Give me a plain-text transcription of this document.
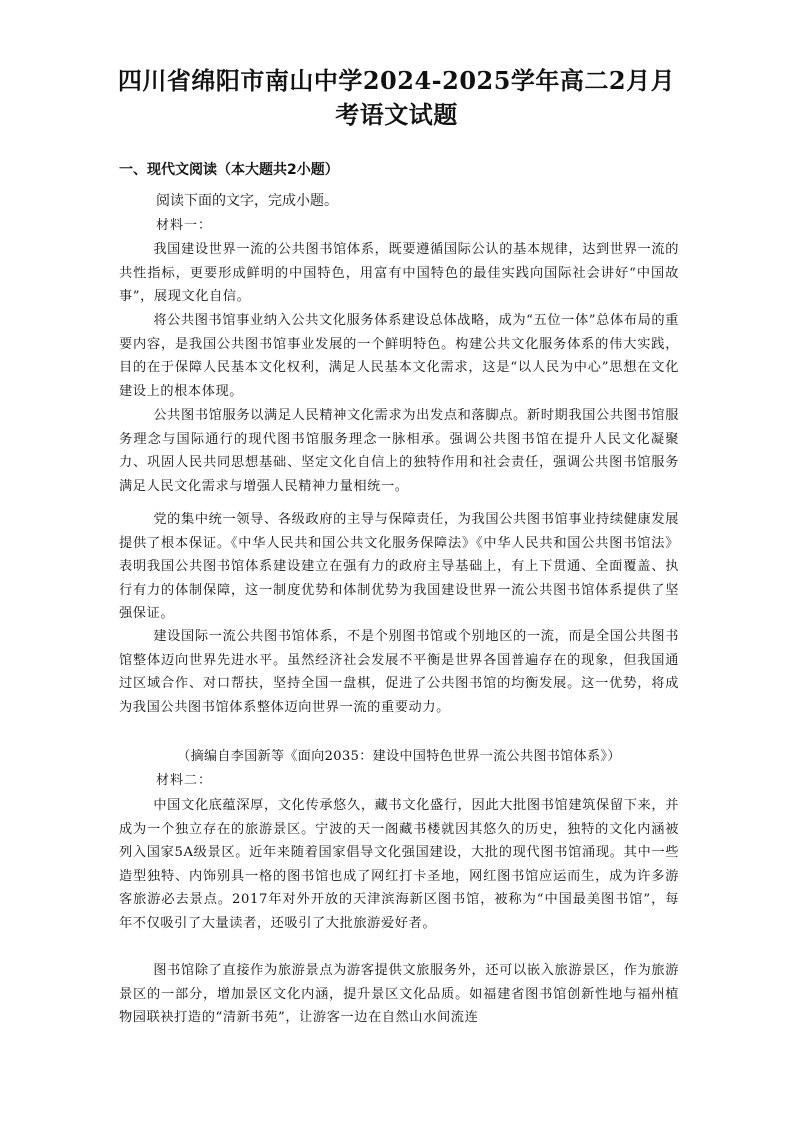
四川省绵阳市南山中学2024-2025学年高二2月月考语文试题
一、现代文阅读（本大题共2小题）
阅读下面的文字，完成小题。
材料一：
我国建设世界一流的公共图书馆体系，既要遵循国际公认的基本规律，达到世界一流的共性指标，更要形成鲜明的中国特色，用富有中国特色的最佳实践向国际社会讲好“中国故事”，展现文化自信。
将公共图书馆事业纳入公共文化服务体系建设总体战略，成为“五位一体”总体布局的重要内容，是我国公共图书馆事业发展的一个鲜明特色。构建公共文化服务体系的伟大实践，目的在于保障人民基本文化权利，满足人民基本文化需求，这是“以人民为中心”思想在文化建设上的根本体现。
公共图书馆服务以满足人民精神文化需求为出发点和落脚点。新时期我国公共图书馆服务理念与国际通行的现代图书馆服务理念一脉相承。强调公共图书馆在提升人民文化凝聚力、巩固人民共同思想基础、坚定文化自信上的独特作用和社会责任，强调公共图书馆服务满足人民文化需求与增强人民精神力量相统一。
党的集中统一领导、各级政府的主导与保障责任，为我国公共图书馆事业持续健康发展提供了根本保证。《中华人民共和国公共文化服务保障法》《中华人民共和国公共图书馆法》表明我国公共图书馆体系建设建立在强有力的政府主导基础上，有上下贯通、全面覆盖、执行有力的体制保障，这一制度优势和体制优势为我国建设世界一流公共图书馆体系提供了坚强保证。
建设国际一流公共图书馆体系，不是个别图书馆或个别地区的一流，而是全国公共图书馆整体迈向世界先进水平。虽然经济社会发展不平衡是世界各国普遍存在的现象，但我国通过区域合作、对口帮扶，坚持全国一盘棋，促进了公共图书馆的均衡发展。这一优势，将成为我国公共图书馆体系整体迈向世界一流的重要动力。
（摘编自李国新等《面向2035：建设中国特色世界一流公共图书馆体系》）
材料二：
中国文化底蕴深厚，文化传承悠久，藏书文化盛行，因此大批图书馆建筑保留下来，并成为一个独立存在的旅游景区。宁波的天一阁藏书楼就因其悠久的历史，独特的文化内涵被列入国家5A级景区。近年来随着国家倡导文化强国建设，大批的现代图书馆涌现。其中一些造型独特、内饰别具一格的图书馆也成了网红打卡圣地，网红图书馆应运而生，成为许多游客旅游必去景点。2017年对外开放的天津滨海新区图书馆，被称为“中国最美图书馆”，每年不仅吸引了大量读者，还吸引了大批旅游爱好者。
图书馆除了直接作为旅游景点为游客提供文旅服务外，还可以嵌入旅游景区，作为旅游景区的一部分，增加景区文化内涵，提升景区文化品质。如福建省图书馆创新性地与福州植物园联袂打造的“清新书苑”，让游客一边在自然山水间流连
